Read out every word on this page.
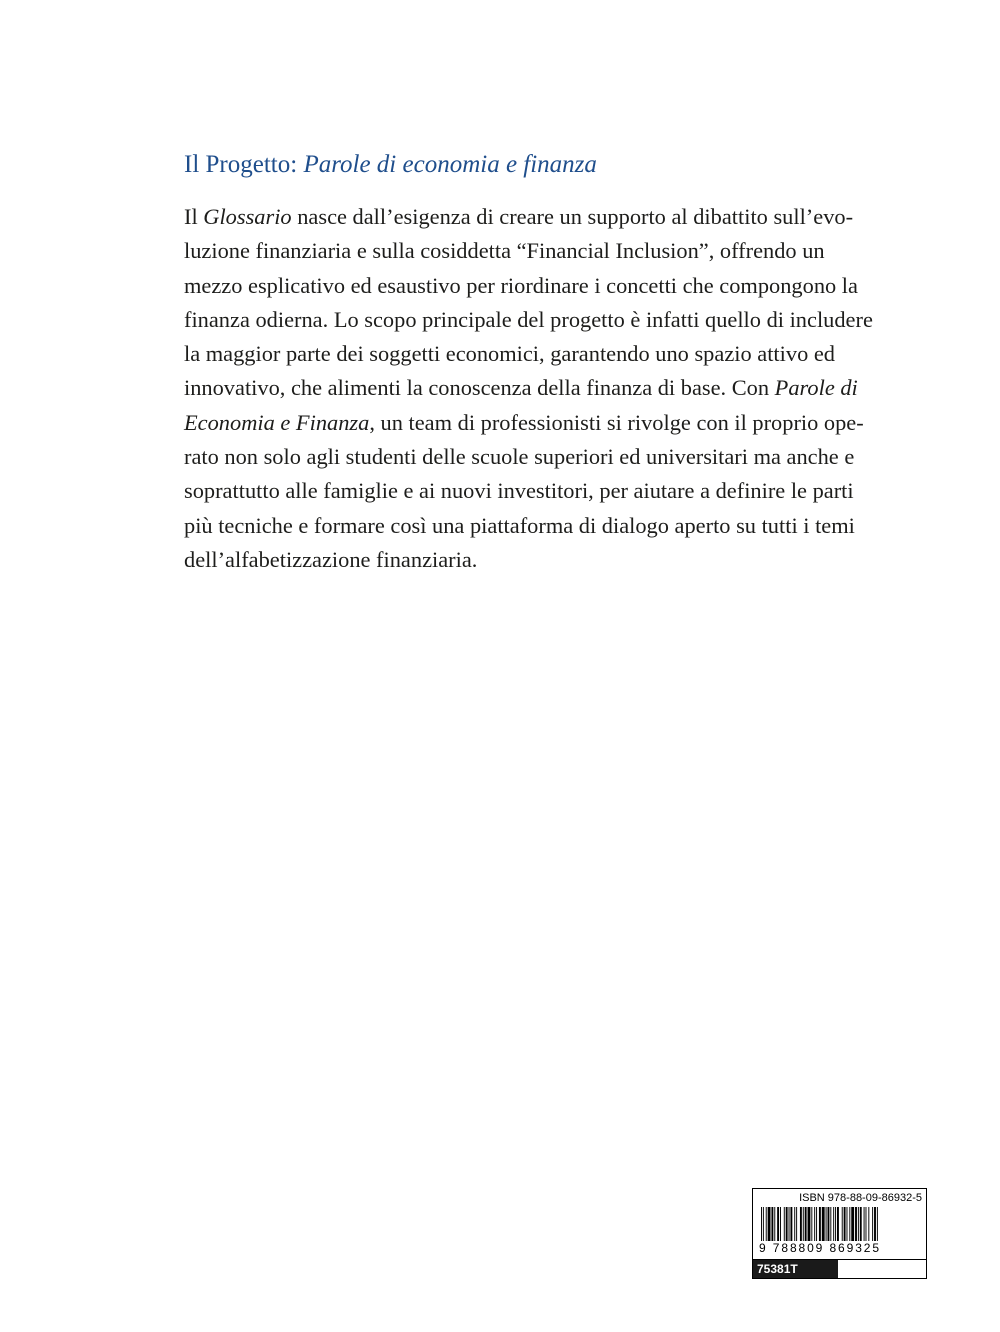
Il Progetto: Parole di economia e finanza
Il Glossario nasce dall’esigenza di creare un supporto al dibattito sull’evo-
luzione finanziaria e sulla cosiddetta “Financial Inclusion”, offrendo un
mezzo esplicativo ed esaustivo per riordinare i concetti che compongono la
finanza odierna. Lo scopo principale del progetto è infatti quello di includere
la maggior parte dei soggetti economici, garantendo uno spazio attivo ed
innovativo, che alimenti la conoscenza della finanza di base. Con Parole di
Economia e Finanza, un team di professionisti si rivolge con il proprio ope-
rato non solo agli studenti delle scuole superiori ed universitari ma anche e
soprattutto alle famiglie e ai nuovi investitori, per aiutare a definire le parti
più tecniche e formare così una piattaforma di dialogo aperto su tutti i temi
dell’alfabetizzazione finanziaria.
ISBN 978-88-09-86932-5
9 788809 869325
75381T
